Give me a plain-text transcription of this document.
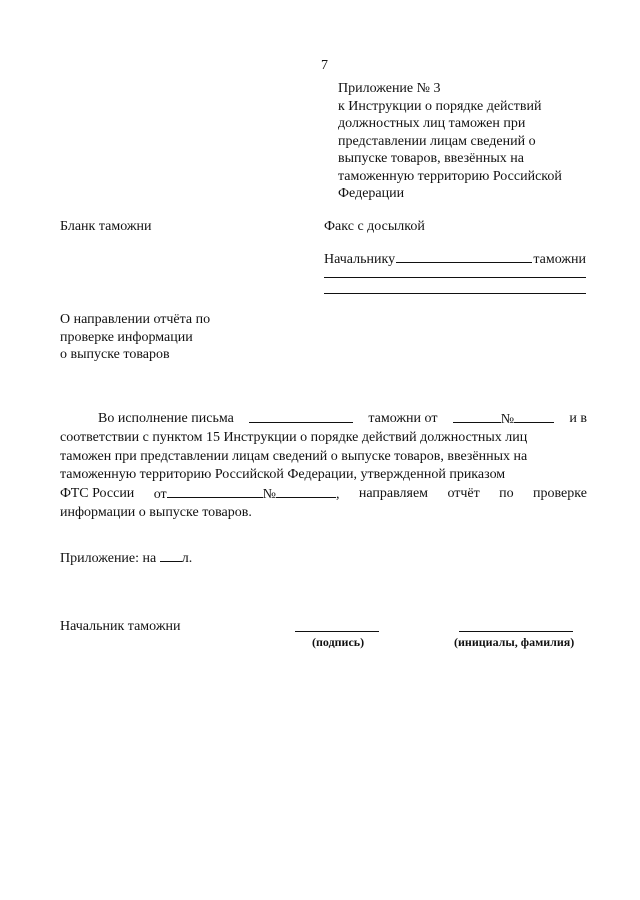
7
Приложение № 3
к Инструкции о порядке действий
должностных лиц таможен при
представлении лицам сведений о
выпуске товаров, ввезённых на
таможенную территорию Российской
Федерации
Бланк таможни	Факс с досылкой
Начальнику	таможни
О направлении отчёта по
проверке информации
о выпуске товаров
Во исполнение письма	таможни от	№	и в
соответствии с пунктом 15 Инструкции о порядке действий должностных лиц
таможен при представлении лицам сведений о выпуске товаров, ввезённых на
таможенную территорию Российской Федерации, утвержденной приказом
ФТС России от	№	, направляем отчёт по проверке
информации о выпуске товаров.
Приложение: на л.
Начальник таможни
(подпись)	(инициалы, фамилия)
